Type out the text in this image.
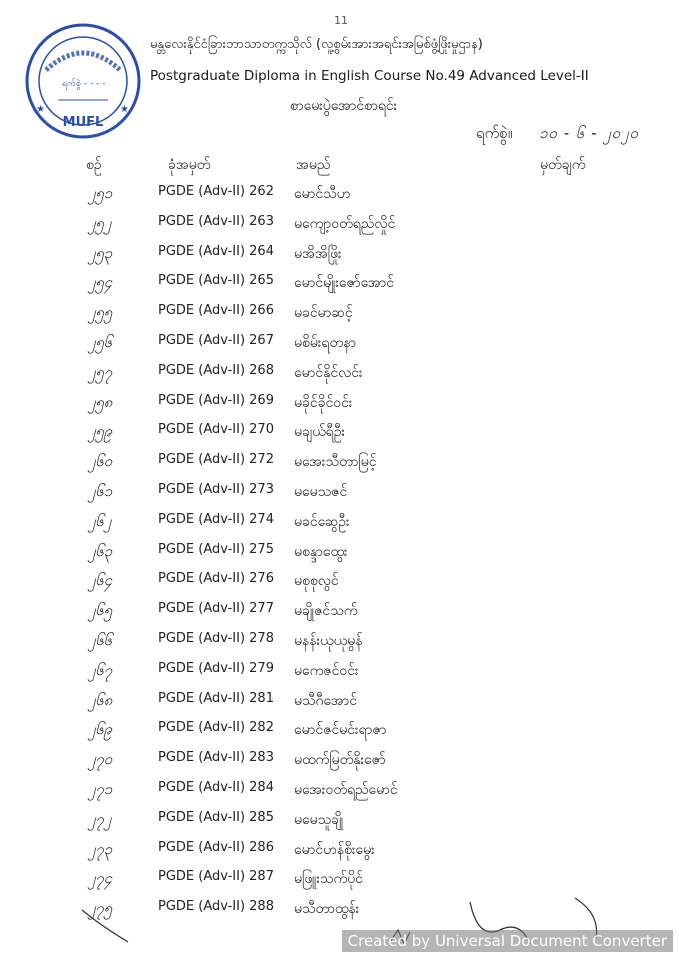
11
ရက်စွဲ - - - -
MUFL
★	★
မန္တလေးနိုင်ငံခြားဘာသာတက္ကသိုလ် (လူ့စွမ်းအားအရင်းအမြစ်ဖွံ့ဖြိုးမှုဌာန)
Postgraduate Diploma in English Course No.49 Advanced Level-II
စာမေးပွဲအောင်စာရင်း
ရက်စွဲ။ ၁၀ - ၆ - ၂၀၂၀
စဉ်	ခုံအမှတ်	အမည်	မှတ်ချက်
၂၅၁	PGDE (Adv-II) 262 မောင်သီဟ
၂၅၂	PGDE (Adv-II) 263 မကျော့ဝတ်ရည်လှိုင်
၂၅၃	PGDE (Adv-II) 264 မအိအိဖြိုး
၂၅၄	PGDE (Adv-II) 265 မောင်မျိုးဇော်အောင်
၂၅၅	PGDE (Adv-II) 266 မခင်မာဆင့်
၂၅၆	PGDE (Adv-II) 267 မစိမ်းရတနာ
၂၅၇	PGDE (Adv-II) 268 မောင်နိုင်လင်း
၂၅၈	PGDE (Adv-II) 269 မခိုင်ခိုင်ဝင်း
၂၅၉	PGDE (Adv-II) 270 မချယ်ရီဦး
၂၆၀	PGDE (Adv-II) 272 မအေးသီတာမြင့်
၂၆၁	PGDE (Adv-II) 273 မမေသဇင်
၂၆၂	PGDE (Adv-II) 274 မခင်ဆွေဦး
၂၆၃	PGDE (Adv-II) 275 မစန္ဒာထွေး
၂၆၄	PGDE (Adv-II) 276 မစုစုလွင်
၂၆၅	PGDE (Adv-II) 277 မချိုဇင်သက်
၂၆၆	PGDE (Adv-II) 278 မနန်းယုယုမွန်
၂၆၇	PGDE (Adv-II) 279 မကေဇင်ဝင်း
၂၆၈	PGDE (Adv-II) 281 မသီဂီအောင်
၂၆၉	PGDE (Adv-II) 282 မောင်ဇင်မင်းရာဇာ
၂၇၀	PGDE (Adv-II) 283 မထက်မြတ်နိုးဇော်
၂၇၁	PGDE (Adv-II) 284 မအေးဝတ်ရည်မောင်
၂၇၂	PGDE (Adv-II) 285 မမေသူချို
၂၇၃	PGDE (Adv-II) 286 မောင်ဟန်စိုးမွေး
၂၇၄	PGDE (Adv-II) 287 မဖြူးသက်ပိုင်
၂၇၅	PGDE (Adv-II) 288 မသီတာထွန်း
Created by Universal Document Converter
